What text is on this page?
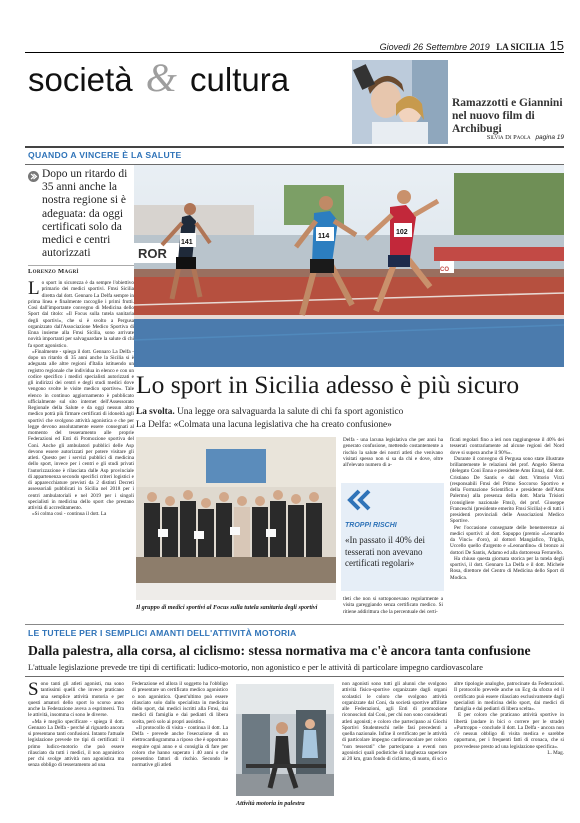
Giovedì 26 Settembre 2019 LA SICILIA 15
società & cultura
Ramazzotti e Giannini nel nuovo film di Archibugi
Silvia Di Paola pagina 19
QUANDO A VINCERE È LA SALUTE
Dopo un ritardo di 35 anni anche la nostra regione si è adeguata: da oggi certificati solo da medici e centri autorizzati
Lorenzo Magrì
L o sport in sicurezza è da sempre l'obiettivo primario dei medici sportivi. Fmsi Sicilia diretta dal dott. Gennaro La Delfa sempre in prima linea e finalmente raccoglie i primi frutti. Così dall'importante convegno di Medicina dello Sport dal titolo: «Il Focus sulla tutela sanitaria degli sportivi», che si è svolto a Pergusa organizzato dall'Associazione Medico Sportiva di Enna insieme alla Fmsi Sicilia, sono arrivate novità importanti per salvaguardare la salute di chi fa sport agonistico.

«Finalmente - spiega il dott. Gennaro La Delfa - dopo un ritardo di 35 anni anche la Sicilia si è adeguata alle altre regioni d'Italia istituendo un registro regionale che individua in elenco e con un codice specifico i medici specialisti autorizzati e gli indirizzi dei centri e degli studi medici dove vengono svolte le visite medico sportive». Tale elenco in continuo aggiornamento è pubblicato ufficialmente sul sito internet dell'Assessorato Regionale della Salute e da oggi nessun altro medico potrà più firmare certificati di idoneità agli sportivi che svolgono attività agonistica e che per legge devono assolutamente essere consegnati al momento del tesseramento alle proprie Federazioni ed Enti di Promozione sportiva del Coni. Anche gli ambulatori pubblici delle Asp devono essere autorizzati per potere visitare gli atleti. Questo per i servizi pubblici di medicina dello sport, invece per i centri e gli studi privati l'autorizzazione è rilasciata dalle Asp provinciale di appartenenza secondo specifici criteri logistici e di apparecchiature previsti da 2 distinti Decreti assessoriali pubblicati in Sicilia nel 2018 per i centri ambulatoriali e nel 2019 per i singoli specialisti in medicina dello sport che prestano attività di accreditamento.

«Si colma così - continua il dott. La

ROR
141
114
102
CO
Lo sport in Sicilia adesso è più sicuro
La svolta. Una legge ora salvaguarda la salute di chi fa sport agonistico
La Delfa: «Colmata una lacuna legislativa che ha creato confusione»
Il gruppo di medici sportivi al Focus sulla tutela sanitaria degli sportivi

Delfa - una lacuna legislativa che per anni ha generato confusione, mettendo costantemente a rischio la salute dei nostri atleti che venivano visitati spesso non si sa da chi e dove, oltre all'elevato numero di a-

TROPPI RISCHI
«In passato il 40% dei tesserati non avevano certificati regolari»

tleti che non si sottoponevano regolarmente a visita gareggiando senza certificato medico. Si ritiene addirittura che la percentuale dei certi-

ficati regolari fino a ieri non raggiungesse il 40% dei tesserati contrariamente ad alcune regioni del Nord dove si supera anche il 90%».

Durante il convegno di Pergusa sono state illustrate brillantemente le relazioni del prof. Angelo Sberna (delegato Coni Enna e presidente Ams Enna), dal dott. Cristiano De Santis e dal dott. Vittorio Virzì (responsabili Fmsi del Primo Soccorso Sportivo e della Formazione Scientifica e presidente dell'Ams Palermo) alla presenza della dott. Maria Trisioti (consigliere nazionale Fmsi), del prof. Giuseppe Franceschi (presidente emerito Fmsi Sicilia) e di tutti i presidenti provinciali delle Associazioni Medico Sportive.

Per l'occasione consegnate delle benemerenze ai medici sportivi: al dott. Sapuppo (premio «Leonardo da Vinci» d'oro), al dottori Mangiafico, Triglia, Uccello quello d'argento e «Leonardino» di bronzo ai dottori De Santis, Adamo ed alla dottoressa Ferrarello.

Ha chiuso questa giornata storica per la tutela degli sportivi, il dott. Gennaro La Delfa e il dott. Michele Rosa, direttore del Centro di Medicina dello Sport di Modica.

LE TUTELE PER I SEMPLICI AMANTI DELL'ATTIVITÀ MOTORIA
Dalla palestra, alla corsa, al ciclismo: stessa normativa ma c'è ancora tanta confusione
L'attuale legislazione prevede tre tipi di certificati: ludico-motorio, non agonistico e per le attività di particolare impegno cardiovascolare
S ono tanti gli atleti agonisti, ma sono tantissimi quelli che invece praticano una semplice attività motoria e per questi amatori dello sport lo scorso anno anche la Federazione aveva a esprimersi. Tra le attività, insomma ci sono le diverse.

«Ma è meglio specificare - spiega il dott. Gennaro La Delfa - perché al riguardo ancora si presentano tanti confusioni. Intanto l'attuale legislazione prevede tre tipi di certificati: il primo ludico-motorio che può essere rilasciato da tutti i medici, il non agonistico per chi svolge attività non agonistica ma senza obbligo di tesseramento ad una

Federazione ed allora il soggetto ha l'obbligo di presentare un certificato medico agonistico o non agonistico. Quest'ultimo può essere rilasciato solo dallo specialista in medicina dello sport, dai medici iscritti alla Fmsi, dai medici di famiglia e dai pediatri di libera scelta, però solo ai propri assistiti».

«Il protocollo di visita - continua il dott. La Delfa - prevede anche l'esecuzione di un elettrocardiogramma a riposo che è opportuno eseguire ogni anno e si consiglia di fare per coloro che hanno superato i 40 anni o che presentino fattori di rischio. Secondo le normative gli atleti

Attività motoria in palestra

non agonisti sono tutti gli alunni che svolgono attività fisico-sportive organizzate dagli organi scolastici le coloro che svolgono attività organizzate dal Coni, da società sportive affiliate alle Federazioni, agli Enti di promozione riconosciuti dal Coni, per chi non sono considerati atleti agonisti; e coloro che partecipano ai Giochi Sportivi Studenteschi nelle fasi precedenti a quella nazionale. Infine il certificato per le attività di particolare impegno cardiovascolare per coloro "non tesserati" che partecipano a eventi non agonistici quali podistiche di lunghezza superiore ai 20 km, gran fondo di ciclismo, di nuoto, di sci o

altre tipologie analoghe, patrocinate da Federazioni. Il protocollo prevede anche un Ecg da sforzo ed il certificato può essere rilasciato esclusivamente dagli specialisti in medicina dello sport, dai medici di famiglia e dai pediatri di libera scelta».

E per coloro che praticano attività sportive in libertà (andare in bici o correre per le strade) «Purtroppo - conclude il dott. La Delfa - ancora non c'è nessun obbligo di visita medica e sarebbe opportuno, per i frequenti fatti di cronaca, che si provvedesse presto ad una legislazione specifica».

L. Mag.
